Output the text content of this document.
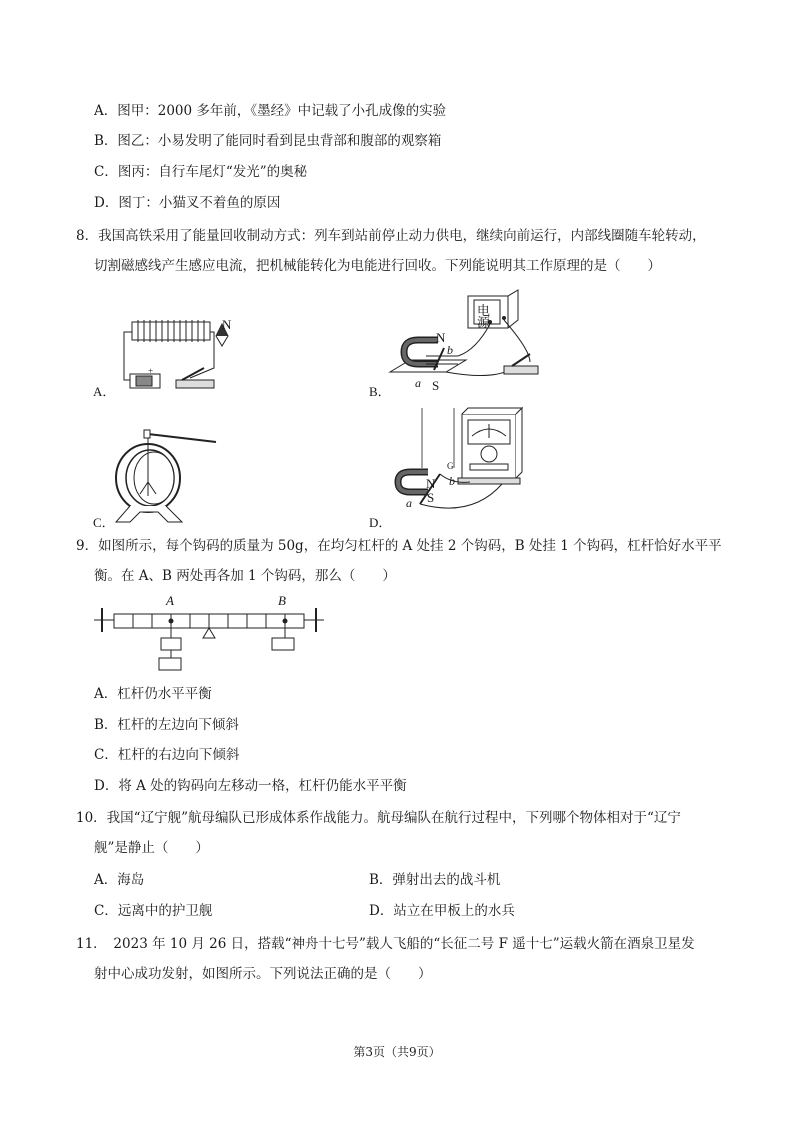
A．图甲：2000 多年前，《墨经》中记载了小孔成像的实验
B．图乙：小易发明了能同时看到昆虫背部和腹部的观察箱
C．图丙：自行车尾灯“发光”的奥秘
D．图丁：小猫叉不着鱼的原因
8．我国高铁采用了能量回收制动方式：列车到站前停止动力供电，继续向前运行，内部线圈随车轮转动，
切割磁感线产生感应电流，把机械能转化为电能进行回收。下列能说明其工作原理的是（　　）
A．
N
+
B．
电
源
N
b
a S
C．	D．
G
N b
a S
9．如图所示，每个钩码的质量为 50g，在均匀杠杆的 A 处挂 2 个钩码，B 处挂 1 个钩码，杠杆恰好水平平
衡。在 A、B 两处再各加 1 个钩码，那么（　　）
A	B
A．杠杆仍水平平衡
B．杠杆的左边向下倾斜
C．杠杆的右边向下倾斜
D．将 A 处的钩码向左移动一格，杠杆仍能水平平衡
10．我国“辽宁舰”航母编队已形成体系作战能力。航母编队在航行过程中，下列哪个物体相对于“辽宁
舰”是静止（　　）
A．海岛	B．弹射出去的战斗机
C．远离中的护卫舰	D．站立在甲板上的水兵
11．　2023 年 10 月 26 日，搭载“神舟十七号”载人飞船的“长征二号 F 遥十七”运载火箭在酒泉卫星发
射中心成功发射，如图所示。下列说法正确的是（　　）
第3页（共9页）
